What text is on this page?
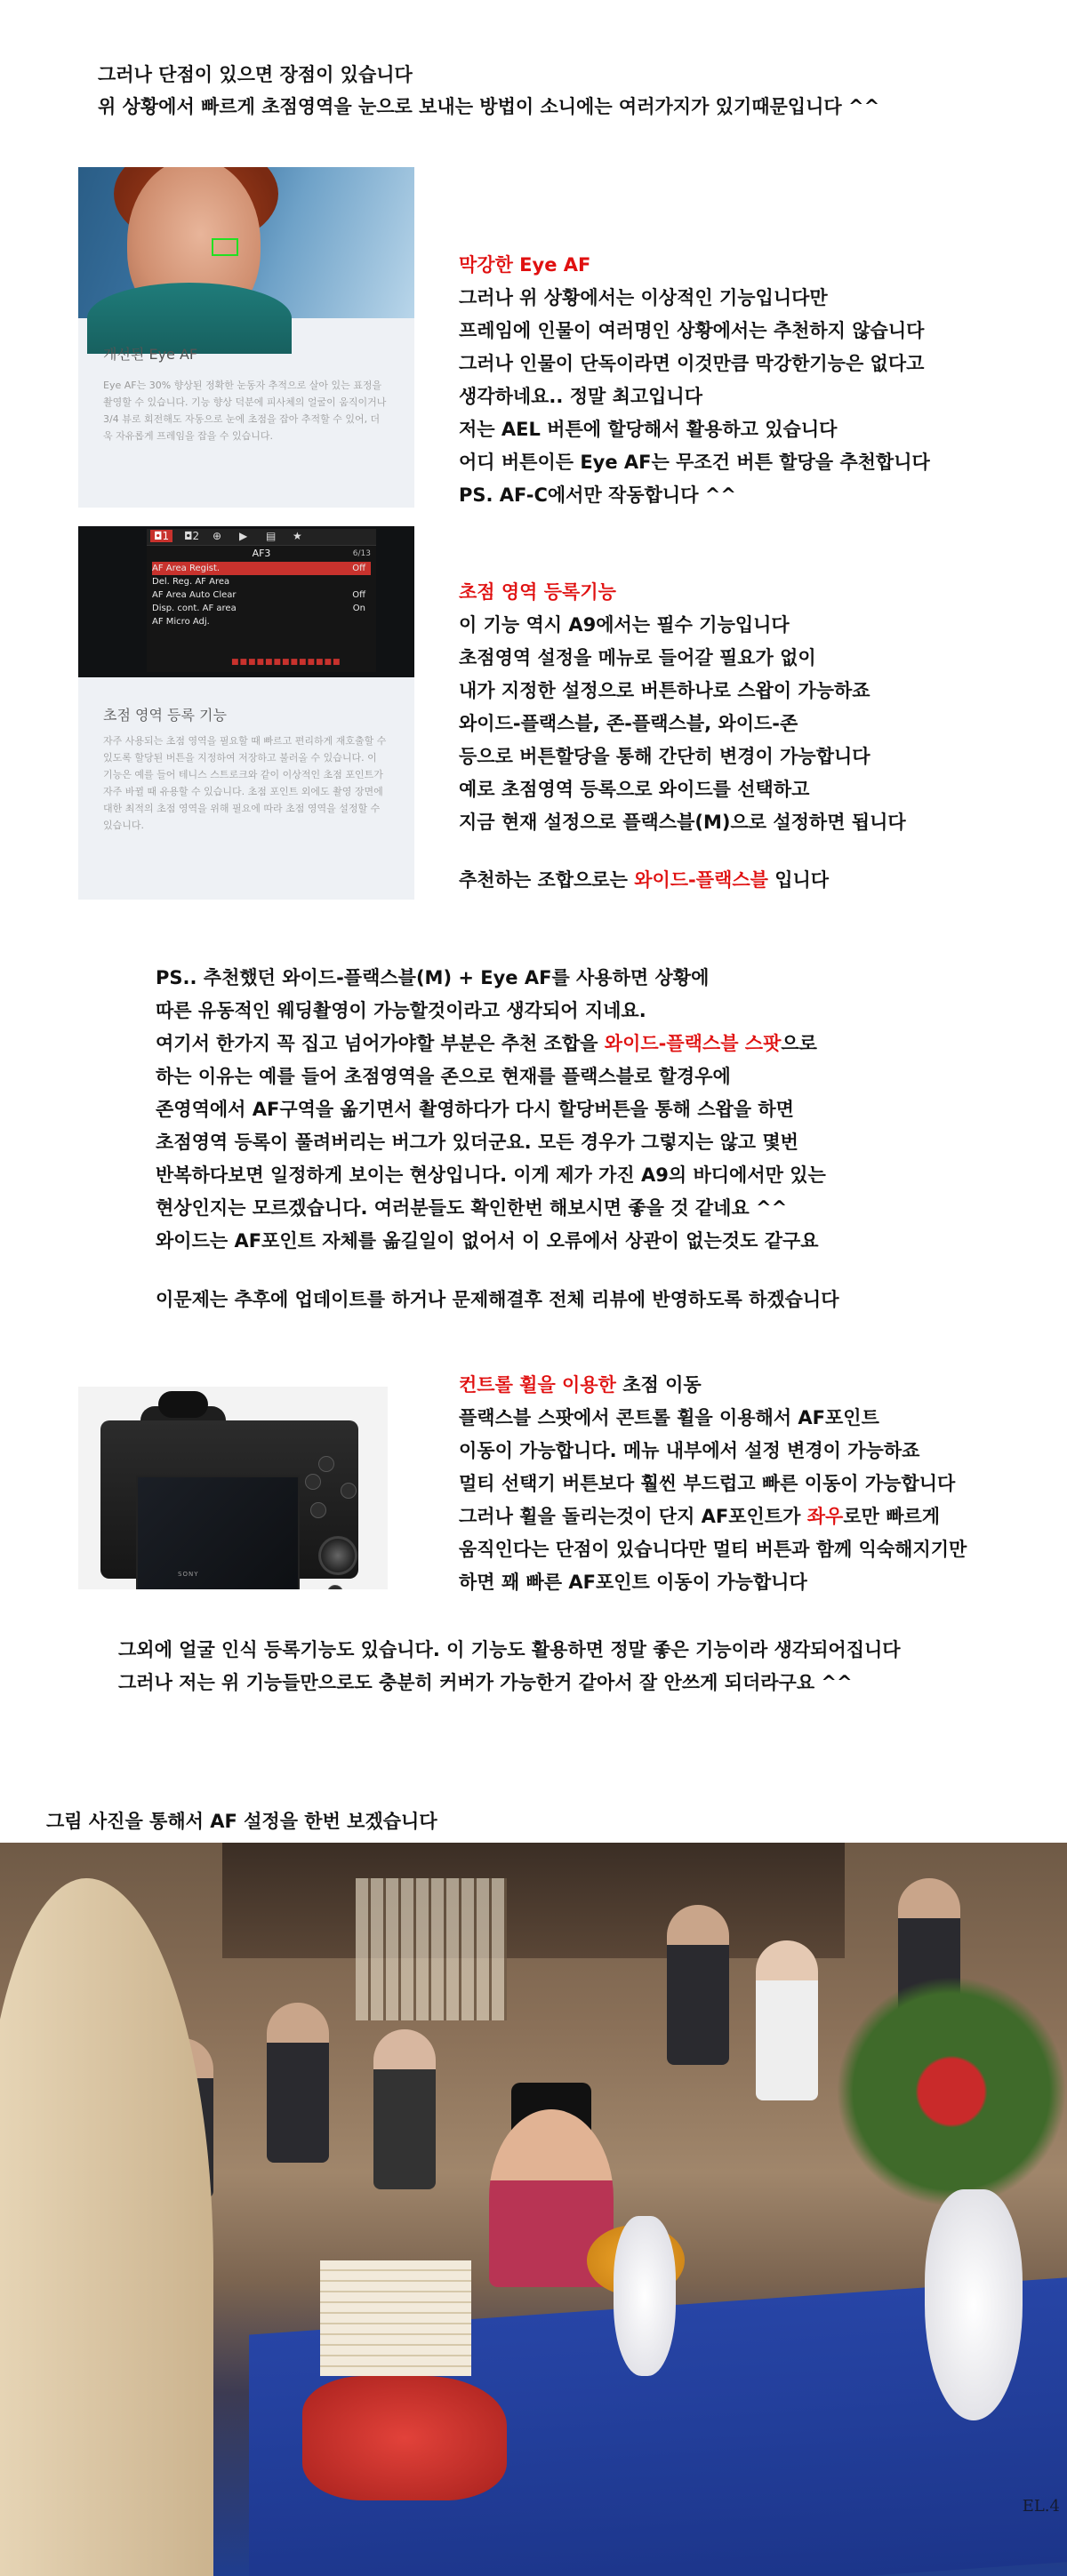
그러나 단점이 있으면 장점이 있습니다

위 상황에서 빠르게 초점영역을 눈으로 보내는 방법이 소니에는 여러가지가 있기때문입니다 ^^

개선된 Eye AF
Eye AF는 30% 향상된 정확한 눈동자 추적으로 살아 있는 표정을 촬영할 수 있습니다. 기능 향상 덕분에 피사체의 얼굴이 움직이거나 3/4 뷰로 회전해도 자동으로 눈에 초점을 잡아 추적할 수 있어, 더욱 자유롭게 프레임을 잡을 수 있습니다.

막강한 Eye AF

그러나 위 상황에서는 이상적인 기능입니다만

프레임에 인물이 여러명인 상황에서는 추천하지 않습니다

그러나 인물이 단독이라면 이것만큼 막강한기능은 없다고

생각하네요.. 정말 최고입니다

저는 AEL 버튼에 할당해서 활용하고 있습니다

어디 버튼이든 Eye AF는 무조건 버튼 할당을 추천합니다

PS. AF-C에서만 작동합니다 ^^

◘1	◘2 ⊕ ▶ ▤ ★
AF3	6/13
AF Area Regist.	Off
Del. Reg. AF Area
AF Area Auto Clear	Off
Disp. cont. AF area	On
AF Micro Adj.
■■■■■■■■■■■■■
초점 영역 등록 기능
자주 사용되는 초점 영역을 필요할 때 빠르고 편리하게 재호출할 수 있도록 할당된 버튼을 지정하여 저장하고 불러올 수 있습니다. 이 기능은 예를 들어 테니스 스트로크와 같이 이상적인 초점 포인트가 자주 바뀔 때 유용할 수 있습니다. 초점 포인트 외에도 촬영 장면에 대한 최적의 초점 영역을 위해 필요에 따라 초점 영역을 설정할 수 있습니다.

초점 영역 등록기능

이 기능 역시 A9에서는 필수 기능입니다

초점영역 설정을 메뉴로 들어갈 필요가 없이

내가 지정한 설정으로 버튼하나로 스왑이 가능하죠

와이드-플랙스블, 존-플랙스블, 와이드-존

등으로 버튼할당을 통해 간단히 변경이 가능합니다

예로 초점영역 등록으로 와이드를 선택하고

지금 현재 설정으로 플랙스블(M)으로 설정하면 됩니다

추천하는 조합으로는 와이드-플랙스블 입니다

PS.. 추천했던 와이드-플랙스블(M) + Eye AF를 사용하면 상황에

따른 유동적인 웨딩촬영이 가능할것이라고 생각되어 지네요.

여기서 한가지 꼭 집고 넘어가야할 부분은 추천 조합을 와이드-플랙스블 스팟으로

하는 이유는 예를 들어 초점영역을 존으로 현재를 플랙스블로 할경우에

존영역에서 AF구역을 옮기면서 촬영하다가 다시 할당버튼을 통해 스왑을 하면

초점영역 등록이 풀려버리는 버그가 있더군요. 모든 경우가 그렇지는 않고 몇번

반복하다보면 일정하게 보이는 현상입니다. 이게 제가 가진 A9의 바디에서만 있는

현상인지는 모르겠습니다. 여러분들도 확인한번 해보시면 좋을 것 같네요 ^^

와이드는 AF포인트 자체를 옮길일이 없어서 이 오류에서 상관이 없는것도 같구요

이문제는 추후에 업데이트를 하거나 문제해결후 전체 리뷰에 반영하도록 하겠습니다

SONY

컨트롤 휠을 이용한 초점 이동

플랙스블 스팟에서 콘트롤 휠을 이용해서 AF포인트

이동이 가능합니다. 메뉴 내부에서 설정 변경이 가능하죠

멀티 선택기 버튼보다 훨씬 부드럽고 빠른 이동이 가능합니다

그러나 휠을 돌리는것이 단지 AF포인트가 좌우로만 빠르게

움직인다는 단점이 있습니다만 멀티 버튼과 함께 익숙해지기만

하면 꽤 빠른 AF포인트 이동이 가능합니다

그외에 얼굴 인식 등록기능도 있습니다. 이 기능도 활용하면 정말 좋은 기능이라 생각되어집니다

그러나 저는 위 기능들만으로도 충분히 커버가 가능한거 같아서 잘 안쓰게 되더라구요 ^^

그림 사진을 통해서 AF 설정을 한번 보겠습니다

EL.4
